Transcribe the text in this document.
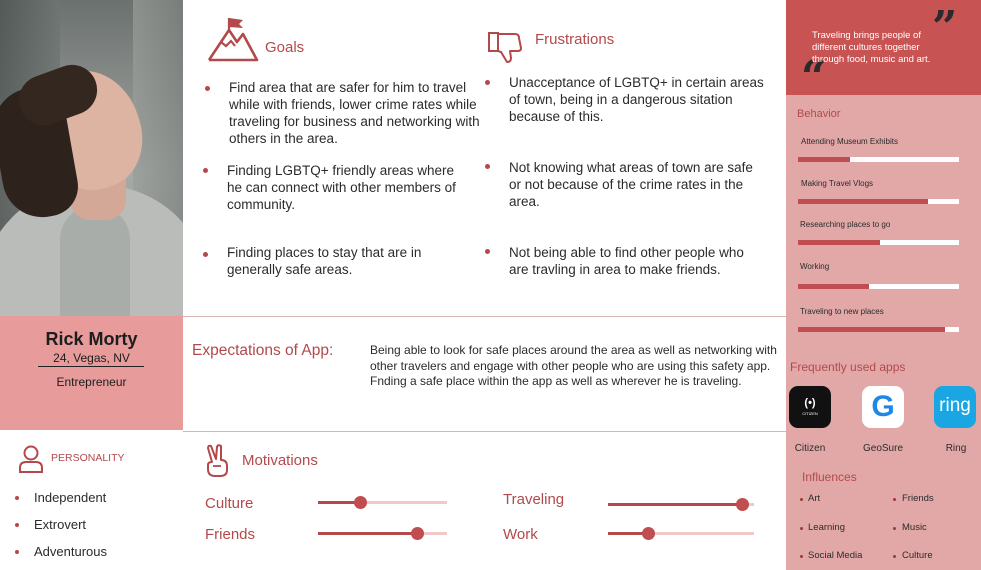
Rick Morty
24, Vegas, NV
Entrepreneur
Goals
Find area that are safer for him to travel while with friends, lower crime rates while traveling for business and networking with others in the area.
Finding LGBTQ+ friendly areas where he can connect with other members of community.
Finding places to stay that are in generally safe areas.
Frustrations
Unacceptance of LGBTQ+ in certain areas of town, being in a dangerous sitation because of this.
Not knowing what areas of town are safe or not because of the crime rates in the area.
Not being able to find other people who are travling in area to make friends.
Expectations of App:	Being able to look for safe places around the area as well as networking with other travelers and engage with other people who are using this safety app. Fnding a safe place within the app as well as wherever he is traveling.
PERSONALITY
Independent
Extrovert
Adventurous
Motivations
Culture
Friends
Traveling
Work
”
“
Traveling brings people of different cultures together through food, music and art.
Behavior
Attending Museum Exhibits
Making Travel Vlogs
Researching places to go
Working
Traveling to new places
Frequently used apps
(•)
CITIZEN
Citizen
G
GeoSure
ring
Ring
Influences
Art	Friends
Learning	Music
Social Media	Culture
